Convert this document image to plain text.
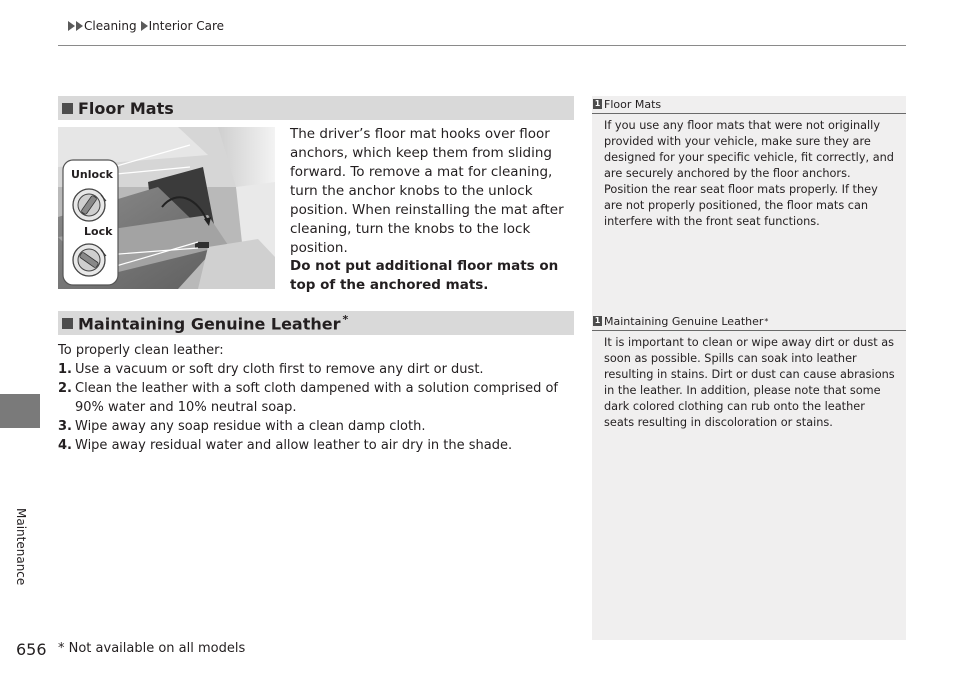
Cleaning Interior Care
Maintenance
Floor Mats
Unlock
Lock
The driver’s floor mat hooks over floor anchors, which keep them from sliding forward. To remove a mat for cleaning, turn the anchor knobs to the unlock position. When reinstalling the mat after cleaning, turn the knobs to the lock position.
Do not put additional floor mats on top of the anchored mats.
Maintaining Genuine Leather *
To properly clean leather:
1. Use a vacuum or soft dry cloth first to remove any dirt or dust.
2. Clean the leather with a soft cloth dampened with a solution comprised of 90% water and 10% neutral soap.
3. Wipe away any soap residue with a clean damp cloth.
4. Wipe away residual water and allow leather to air dry in the shade.
1 Floor Mats
If you use any floor mats that were not originally provided with your vehicle, make sure they are designed for your specific vehicle, fit correctly, and are securely anchored by the floor anchors. Position the rear seat floor mats properly. If they are not properly positioned, the floor mats can interfere with the front seat functions.
1 Maintaining Genuine Leather *
It is important to clean or wipe away dirt or dust as soon as possible. Spills can soak into leather resulting in stains. Dirt or dust can cause abrasions in the leather. In addition, please note that some dark colored clothing can rub onto the leather seats resulting in discoloration or stains.
656 * Not available on all models
